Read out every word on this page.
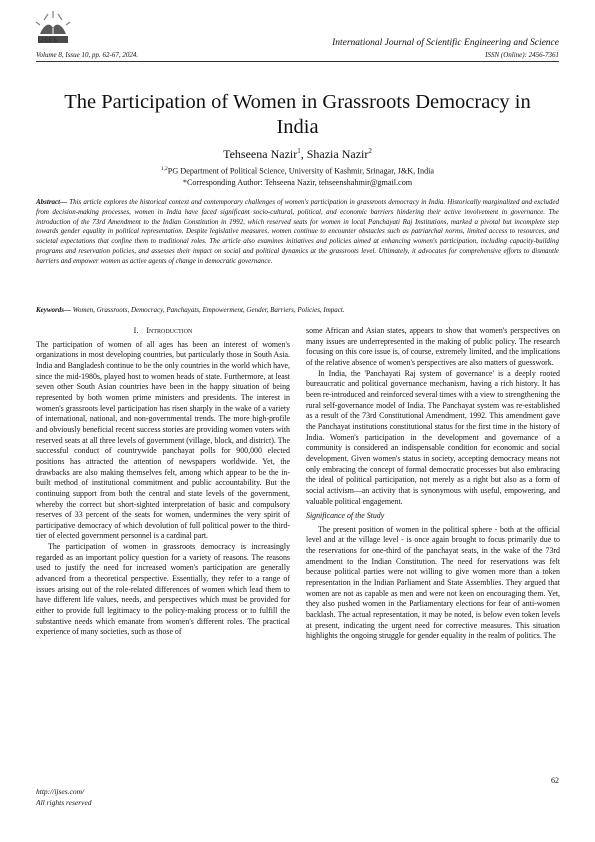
IJSES	International Journal of Scientific Engineering and Science
Volume 8, Issue 10, pp. 62-67, 2024.	ISSN (Online): 2456-7361
The Participation of Women in Grassroots Democracy in India
Tehseena Nazir$^1$, Shazia Nazir$^2$
$^{1,2}$PG Department of Political Science, University of Kashmir, Srinagar, J&K, India
*Corresponding Author: Tehseena Nazir, tehseenshahmir@gmail.com
Abstract— This article explores the historical context and contemporary challenges of women's participation in grassroots democracy in India. Historically marginalized and excluded from decision-making processes, women in India have faced significant socio-cultural, political, and economic barriers hindering their active involvement in governance. The introduction of the 73rd Amendment to the Indian Constitution in 1992, which reserved seats for women in local Panchayati Raj Institutions, marked a pivotal but incomplete step towards gender equality in political representation. Despite legislative measures, women continue to encounter obstacles such as patriarchal norms, limited access to resources, and societal expectations that confine them to traditional roles. The article also examines initiatives and policies aimed at enhancing women's participation, including capacity-building programs and reservation policies, and assesses their impact on social and political dynamics at the grassroots level. Ultimately, it advocates for comprehensive efforts to dismantle barriers and empower women as active agents of change in democratic governance.
Keywords— Women, Grassroots, Democracy, Panchayats, Empowerment, Gender, Barriers, Policies, Impact.
I. Introduction

The participation of women of all ages has been an interest of women's organizations in most developing countries, but particularly those in South Asia. India and Bangladesh continue to be the only countries in the world which have, since the mid-1980s, played host to women heads of state. Furthermore, at least seven other South Asian countries have been in the happy situation of being represented by both women prime ministers and presidents. The interest in women's grassroots level participation has risen sharply in the wake of a variety of international, national, and non-governmental trends. The more high-profile and obviously beneficial recent success stories are providing women voters with reserved seats at all three levels of government (village, block, and district). The successful conduct of countrywide panchayat polls for 900,000 elected positions has attracted the attention of newspapers worldwide. Yet, the drawbacks are also making themselves felt, among which appear to be the in-built method of institutional commitment and public accountability. But the continuing support from both the central and state levels of the government, whereby the correct but short-sighted interpretation of basic and compulsory reserves of 33 percent of the seats for women, undermines the very spirit of participative democracy of which devolution of full political power to the third-tier of elected government personnel is a cardinal part.

The participation of women in grassroots democracy is increasingly regarded as an important policy question for a variety of reasons. The reasons used to justify the need for increased women's participation are generally advanced from a theoretical perspective. Essentially, they refer to a range of issues arising out of the role-related differences of women which lead them to have different life values, needs, and perspectives which must be provided for either to provide full legitimacy to the policy-making process or to fulfill the substantive needs which emanate from women's different roles. The practical experience of many societies, such as those of

some African and Asian states, appears to show that women's perspectives on many issues are underrepresented in the making of public policy. The research focusing on this core issue is, of course, extremely limited, and the implications of the relative absence of women's perspectives are also matters of guesswork.

In India, the 'Panchayati Raj system of governance' is a deeply rooted bureaucratic and political governance mechanism, having a rich history. It has been re-introduced and reinforced several times with a view to strengthening the rural self-governance model of India. The Panchayat system was re-established as a result of the 73rd Constitutional Amendment, 1992. This amendment gave the Panchayat institutions constitutional status for the first time in the history of India. Women's participation in the development and governance of a community is considered an indispensable condition for economic and social development. Given women's status in society, accepting democracy means not only embracing the concept of formal democratic processes but also embracing the ideal of political participation, not merely as a right but also as a form of social activism—an activity that is synonymous with useful, empowering, and valuable political engagement.

Significance of the Study

The present position of women in the political sphere - both at the official level and at the village level - is once again brought to focus primarily due to the reservations for one-third of the panchayat seats, in the wake of the 73rd amendment to the Indian Constitution. The need for reservations was felt because political parties were not willing to give women more than a token representation in the Indian Parliament and State Assemblies. They argued that women are not as capable as men and were not keen on encouraging them. Yet, they also pushed women in the Parliamentary elections for fear of anti-women backlash. The actual representation, it may be noted, is below even token levels at present, indicating the urgent need for corrective measures. This situation highlights the ongoing struggle for gender equality in the realm of politics. The

62
http://ijses.com/
All rights reserved
